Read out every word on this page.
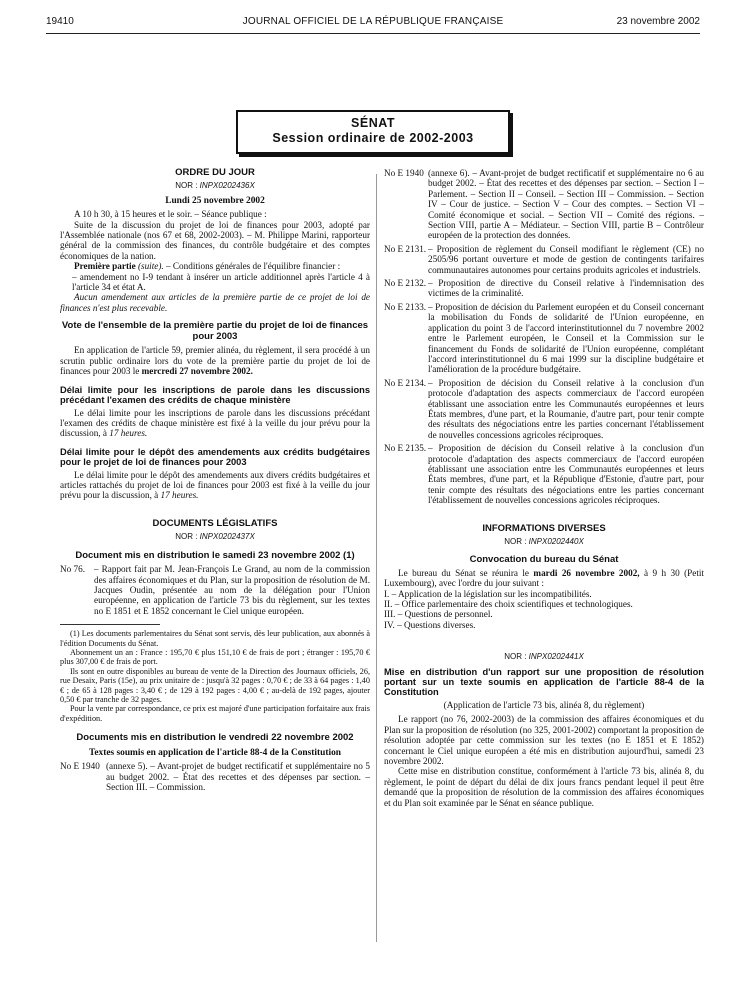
19410	JOURNAL OFFICIEL DE LA RÉPUBLIQUE FRANÇAISE	23 novembre 2002
SÉNAT
Session ordinaire de 2002-2003
ORDRE DU JOUR
NOR : INPX0202436X
Lundi 25 novembre 2002

A 10 h 30, à 15 heures et le soir. – Séance publique :

Suite de la discussion du projet de loi de finances pour 2003, adopté par l'Assemblée nationale (nos 67 et 68, 2002-2003). – M. Philippe Marini, rapporteur général de la commission des finances, du contrôle budgétaire et des comptes économiques de la nation.

Première partie (suite). – Conditions générales de l'équilibre financier :

– amendement no I-9 tendant à insérer un article additionnel après l'article 4 à l'article 34 et état A.

Aucun amendement aux articles de la première partie de ce projet de loi de finances n'est plus recevable.

Vote de l'ensemble de la première partie du projet de loi de finances pour 2003

En application de l'article 59, premier alinéa, du règlement, il sera procédé à un scrutin public ordinaire lors du vote de la première partie du projet de loi de finances pour 2003 le mercredi 27 novembre 2002.

Délai limite pour les inscriptions de parole dans les discussions précédant l'examen des crédits de chaque ministère

Le délai limite pour les inscriptions de parole dans les discussions précédant l'examen des crédits de chaque ministère est fixé à la veille du jour prévu pour la discussion, à 17 heures.

Délai limite pour le dépôt des amendements aux crédits budgétaires pour le projet de loi de finances pour 2003

Le délai limite pour le dépôt des amendements aux divers crédits budgétaires et articles rattachés du projet de loi de finances pour 2003 est fixé à la veille du jour prévu pour la discussion, à 17 heures.

DOCUMENTS LÉGISLATIFS
NOR : INPX0202437X
Document mis en distribution le samedi 23 novembre 2002 (1)
No 76. – Rapport fait par M. Jean-François Le Grand, au nom de la commission des affaires économiques et du Plan, sur la proposition de résolution de M. Jacques Oudin, présentée au nom de la délégation pour l'Union européenne, en application de l'article 73 bis du règlement, sur les textes no E 1851 et E 1852 concernant le Ciel unique européen.

(1) Les documents parlementaires du Sénat sont servis, dès leur publication, aux abonnés à l'édition Documents du Sénat.

Abonnement un an : France : 195,70 € plus 151,10 € de frais de port ; étranger : 195,70 € plus 307,00 € de frais de port.

Ils sont en outre disponibles au bureau de vente de la Direction des Journaux officiels, 26, rue Desaix, Paris (15e), au prix unitaire de : jusqu'à 32 pages : 0,70 € ; de 33 à 64 pages : 1,40 € ; de 65 à 128 pages : 3,40 € ; de 129 à 192 pages : 4,00 € ; au-delà de 192 pages, ajouter 0,50 € par tranche de 32 pages.

Pour la vente par correspondance, ce prix est majoré d'une participation forfaitaire aux frais d'expédition.

Documents mis en distribution le vendredi 22 novembre 2002
Textes soumis en application de l'article 88-4 de la Constitution
No E 1940 (annexe 5). – Avant-projet de budget rectificatif et supplémentaire no 5 au budget 2002. – État des recettes et des dépenses par section. – Section III. – Commission.
No E 1940 (annexe 6). – Avant-projet de budget rectificatif et supplémentaire no 6 au budget 2002. – État des recettes et des dépenses par section. – Section I – Parlement. – Section II – Conseil. – Section III – Commission. – Section IV – Cour de justice. – Section V – Cour des comptes. – Section VI – Comité économique et social. – Section VII – Comité des régions. – Section VIII, partie A – Médiateur. – Section VIII, partie B – Contrôleur européen de la protection des données.
No E 2131. – Proposition de règlement du Conseil modifiant le règlement (CE) no 2505/96 portant ouverture et mode de gestion de contingents tarifaires communautaires autonomes pour certains produits agricoles et industriels.
No E 2132. – Proposition de directive du Conseil relative à l'indemnisation des victimes de la criminalité.
No E 2133. – Proposition de décision du Parlement européen et du Conseil concernant la mobilisation du Fonds de solidarité de l'Union européenne, en application du point 3 de l'accord interinstitutionnel du 7 novembre 2002 entre le Parlement européen, le Conseil et la Commission sur le financement du Fonds de solidarité de l'Union européenne, complétant l'accord interinstitutionnel du 6 mai 1999 sur la discipline budgétaire et l'amélioration de la procédure budgétaire.
No E 2134. – Proposition de décision du Conseil relative à la conclusion d'un protocole d'adaptation des aspects commerciaux de l'accord européen établissant une association entre les Communautés européennes et leurs États membres, d'une part, et la Roumanie, d'autre part, pour tenir compte des résultats des négociations entre les parties concernant l'établissement de nouvelles concessions agricoles réciproques.
No E 2135. – Proposition de décision du Conseil relative à la conclusion d'un protocole d'adaptation des aspects commerciaux de l'accord européen établissant une association entre les Communautés européennes et leurs États membres, d'une part, et la République d'Estonie, d'autre part, pour tenir compte des résultats des négociations entre les parties concernant l'établissement de nouvelles concessions agricoles réciproques.
INFORMATIONS DIVERSES
NOR : INPX0202440X
Convocation du bureau du Sénat

Le bureau du Sénat se réunira le mardi 26 novembre 2002, à 9 h 30 (Petit Luxembourg), avec l'ordre du jour suivant :

I. – Application de la législation sur les incompatibilités.

II. – Office parlementaire des choix scientifiques et technologiques.

III. – Questions de personnel.

IV. – Questions diverses.

NOR : INPX0202441X
Mise en distribution d'un rapport sur une proposition de résolution portant sur un texte soumis en application de l'article 88-4 de la Constitution
(Application de l'article 73 bis, alinéa 8, du règlement)

Le rapport (no 76, 2002-2003) de la commission des affaires économiques et du Plan sur la proposition de résolution (no 325, 2001-2002) comportant la proposition de résolution adoptée par cette commission sur les textes (no E 1851 et E 1852) concernant le Ciel unique européen a été mis en distribution aujourd'hui, samedi 23 novembre 2002.

Cette mise en distribution constitue, conformément à l'article 73 bis, alinéa 8, du règlement, le point de départ du délai de dix jours francs pendant lequel il peut être demandé que la proposition de résolution de la commission des affaires économiques et du Plan soit examinée par le Sénat en séance publique.
